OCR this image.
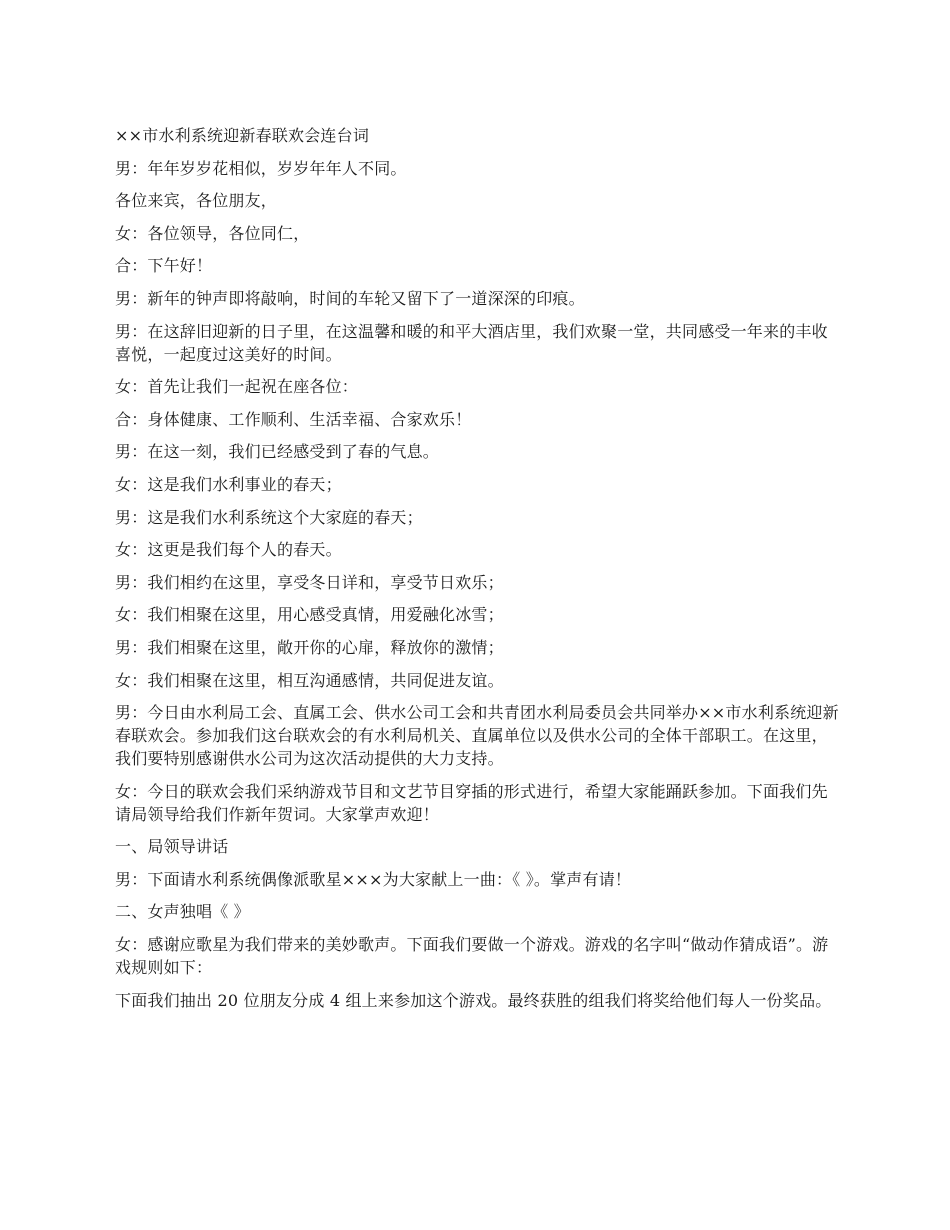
××市水利系统迎新春联欢会连台词

男：年年岁岁花相似，岁岁年年人不同。

各位来宾，各位朋友，

女：各位领导，各位同仁，

合：下午好！

男：新年的钟声即将敲响，时间的车轮又留下了一道深深的印痕。

男：在这辞旧迎新的日子里，在这温馨和暖的和平大酒店里，我们欢聚一堂，共同感受一年来的丰收喜悦，一起度过这美好的时间。

女：首先让我们一起祝在座各位：

合：身体健康、工作顺利、生活幸福、合家欢乐！

男：在这一刻，我们已经感受到了春的气息。

女：这是我们水利事业的春天；

男：这是我们水利系统这个大家庭的春天；

女：这更是我们每个人的春天。

男：我们相约在这里，享受冬日详和，享受节日欢乐；

女：我们相聚在这里，用心感受真情，用爱融化冰雪；

男：我们相聚在这里，敞开你的心扉，释放你的激情；

女：我们相聚在这里，相互沟通感情，共同促进友谊。

男：今日由水利局工会、直属工会、供水公司工会和共青团水利局委员会共同举办××市水利系统迎新春联欢会。参加我们这台联欢会的有水利局机关、直属单位以及供水公司的全体干部职工。在这里，我们要特别感谢供水公司为这次活动提供的大力支持。

女：今日的联欢会我们采纳游戏节目和文艺节目穿插的形式进行，希望大家能踊跃参加。下面我们先请局领导给我们作新年贺词。大家掌声欢迎！

一、局领导讲话

男：下面请水利系统偶像派歌星×××为大家献上一曲：《 》。掌声有请！

二、女声独唱《 》

女：感谢应歌星为我们带来的美妙歌声。下面我们要做一个游戏。游戏的名字叫“做动作猜成语”。游戏规则如下：

下面我们抽出 20 位朋友分成 4 组上来参加这个游戏。最终获胜的组我们将奖给他们每人一份奖品。
